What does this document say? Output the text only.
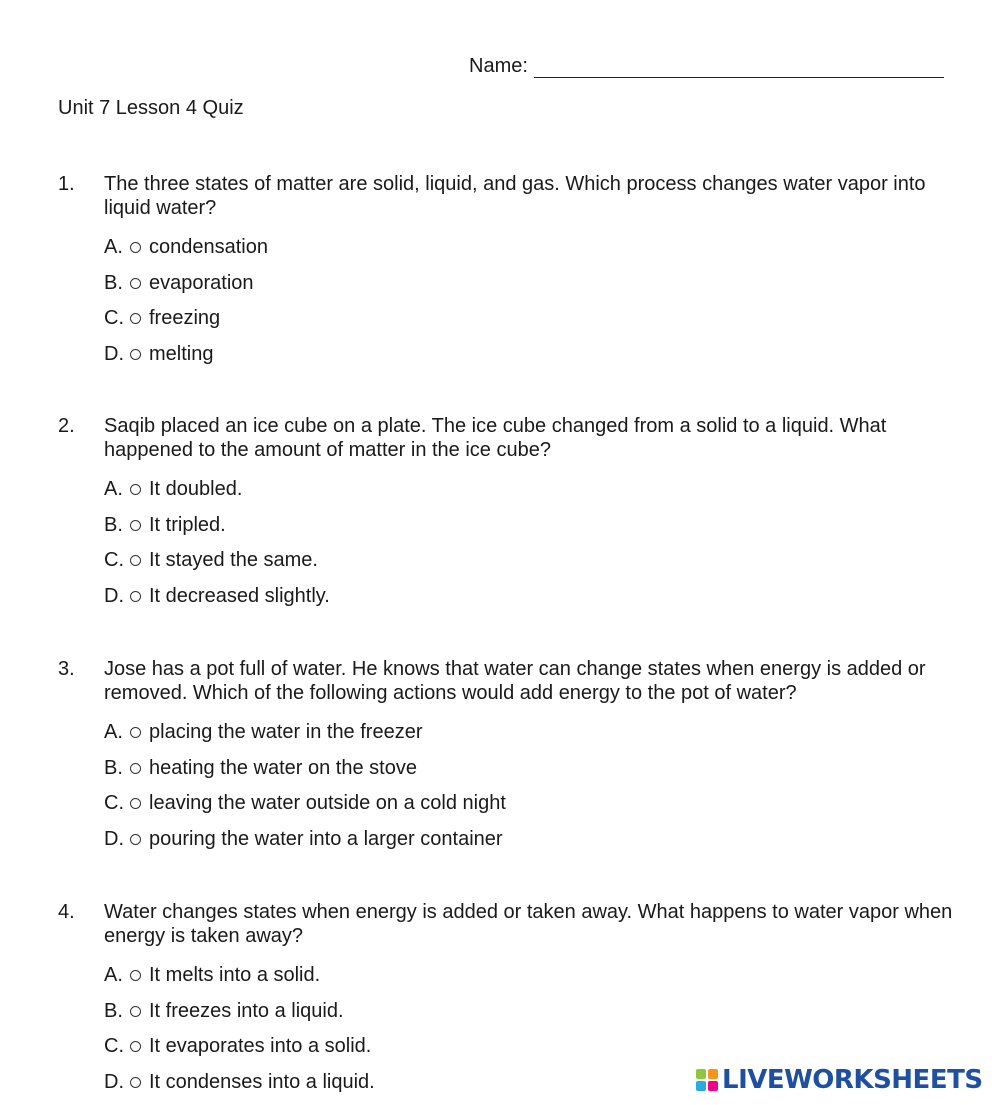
Name:
Unit 7 Lesson 4 Quiz
1.	The three states of matter are solid, liquid, and gas. Which process changes water vapor into liquid water?
A. condensation
B. evaporation
C. freezing
D. melting
2.	Saqib placed an ice cube on a plate. The ice cube changed from a solid to a liquid. What happened to the amount of matter in the ice cube?
A. It doubled.
B. It tripled.
C. It stayed the same.
D. It decreased slightly.
3.	Jose has a pot full of water. He knows that water can change states when energy is added or removed. Which of the following actions would add energy to the pot of water?
A. placing the water in the freezer
B. heating the water on the stove
C. leaving the water outside on a cold night
D. pouring the water into a larger container
4.	Water changes states when energy is added or taken away. What happens to water vapor when energy is taken away?
A. It melts into a solid.
B. It freezes into a liquid.
C. It evaporates into a solid.
D. It condenses into a liquid.	LIVEWORKSHEETS
